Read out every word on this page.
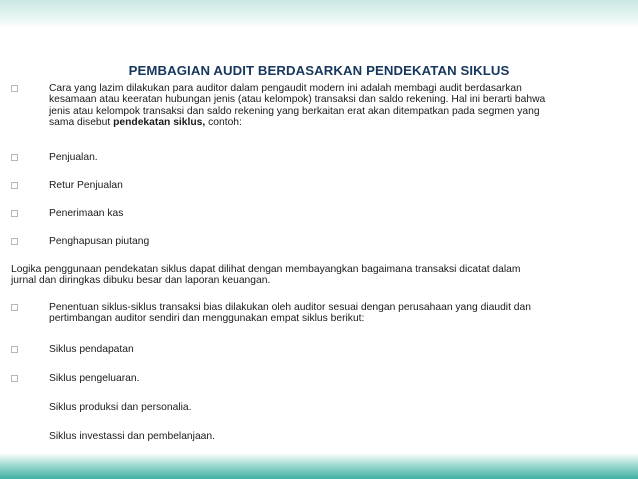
PEMBAGIAN AUDIT BERDASARKAN PENDEKATAN SIKLUS
Cara yang lazim dilakukan para auditor dalam pengaudit modern ini adalah membagi audit berdasarkan
kesamaan atau keeratan hubungan jenis (atau kelompok) transaksi dan saldo rekening. Hal ini berarti bahwa
jenis atau kelompok transaksi dan saldo rekening yang berkaitan erat akan ditempatkan pada segmen yang
sama disebut pendekatan siklus, contoh:
Penjualan.
Retur Penjualan
Penerimaan kas
Penghapusan piutang
Logika penggunaan pendekatan siklus dapat dilihat dengan membayangkan bagaimana transaksi dicatat dalam
jurnal dan diringkas dibuku besar dan laporan keuangan.
Penentuan siklus-siklus transaksi bias dilakukan oleh auditor sesuai dengan perusahaan yang diaudit dan
pertimbangan auditor sendiri dan menggunakan empat siklus berikut:
Siklus pendapatan
Siklus pengeluaran.
Siklus produksi dan personalia.
Siklus investassi dan pembelanjaan.
